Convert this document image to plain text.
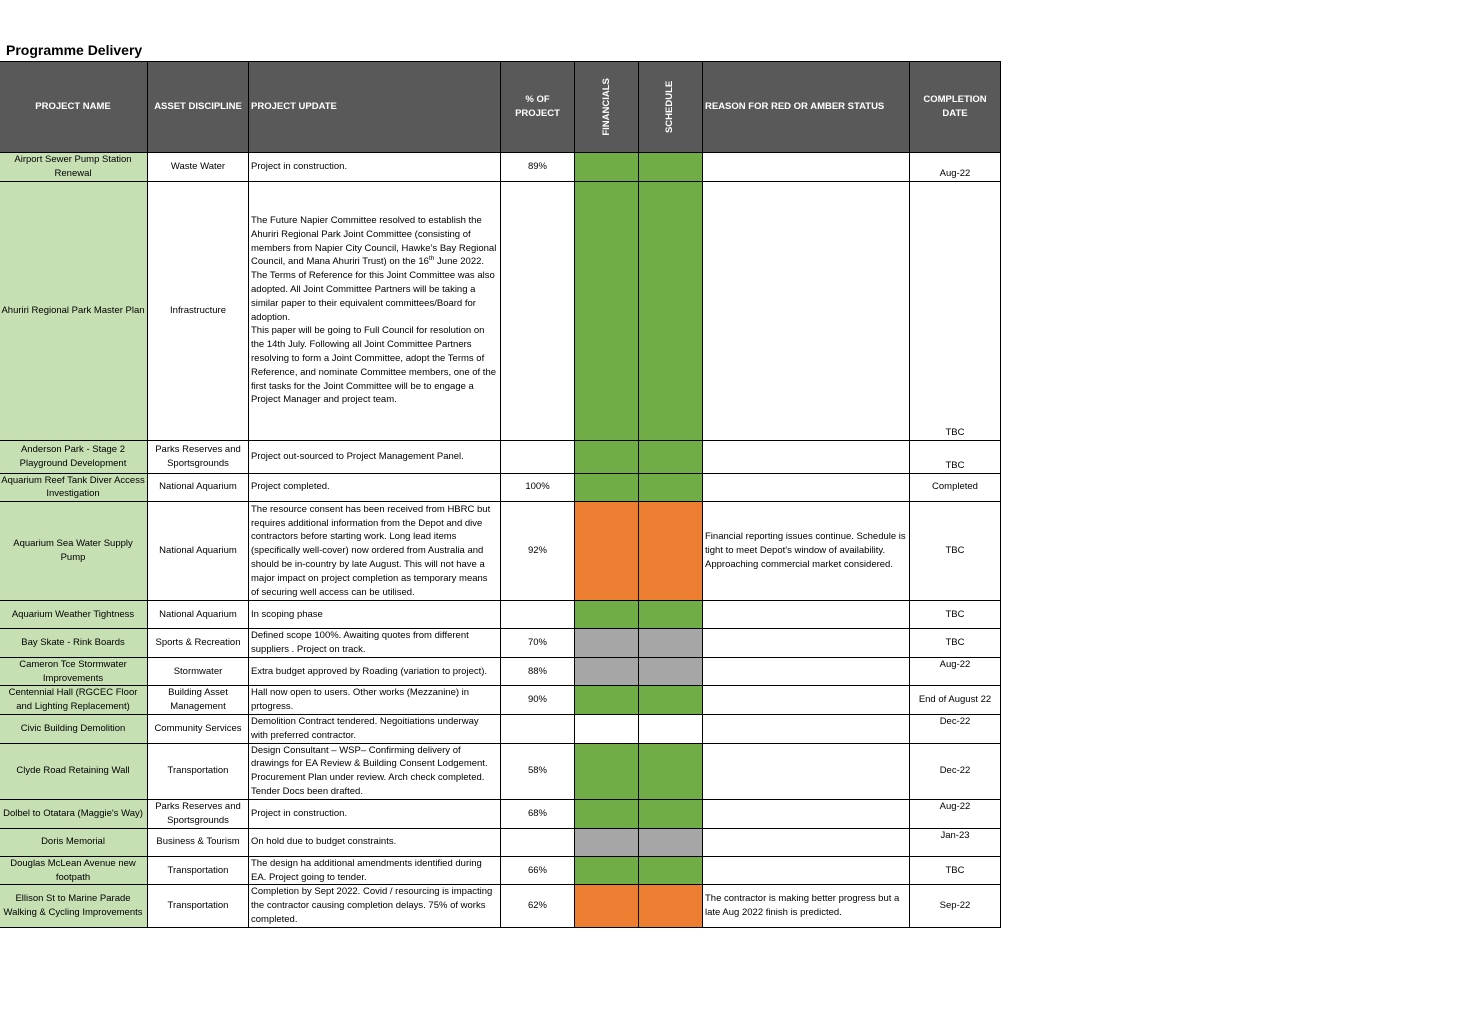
Programme Delivery
PROJECT NAME	ASSET DISCIPLINE	PROJECT UPDATE	% OF PROJECT	FINANCIALS	SCHEDULE	REASON FOR RED OR AMBER STATUS	COMPLETION DATE
Airport Sewer Pump Station Renewal	Waste Water	Project in construction.	89%				Aug-22
Ahuriri Regional Park Master Plan	Infrastructure	The Future Napier Committee resolved to establish the Ahuriri Regional Park Joint Committee (consisting of members from Napier City Council, Hawke’s Bay Regional Council, and Mana Ahuriri Trust) on the 16th June 2022.
The Terms of Reference for this Joint Committee was also adopted. All Joint Committee Partners will be taking a similar paper to their equivalent committees/Board for adoption.
This paper will be going to Full Council for resolution on the 14th July. Following all Joint Committee Partners resolving to form a Joint Committee, adopt the Terms of Reference, and nominate Committee members, one of the first tasks for the Joint Committee will be to engage a Project Manager and project team.					TBC
Anderson Park - Stage 2 Playground Development	Parks Reserves and Sportsgrounds	Project out-sourced to Project Management Panel.					TBC
Aquarium Reef Tank Diver Access Investigation	National Aquarium	Project completed.	100%				Completed
Aquarium Sea Water Supply Pump	National Aquarium	The resource consent has been received from HBRC but requires additional information from the Depot and dive contractors before starting work. Long lead items (specifically well-cover) now ordered from Australia and should be in-country by late August. This will not have a major impact on project completion as temporary means of securing well access can be utilised.	92%			Financial reporting issues continue. Schedule is tight to meet Depot's window of availability. Approaching commercial market considered.	TBC
Aquarium Weather Tightness	National Aquarium	In scoping phase					TBC
Bay Skate - Rink Boards	Sports & Recreation	Defined scope 100%. Awaiting quotes from different suppliers . Project on track.	70%				TBC
Cameron Tce Stormwater Improvements	Stormwater	Extra budget approved by Roading (variation to project).	88%				Aug-22
Centennial Hall (RGCEC Floor and Lighting Replacement)	Building Asset Management	Hall now open to users. Other works (Mezzanine) in prtogress.	90%				End of August 22
Civic Building Demolition	Community Services	Demolition Contract tendered. Negoitiations underway with preferred contractor.					Dec-22
Clyde Road Retaining Wall	Transportation	Design Consultant – WSP– Confirming delivery of drawings for EA Review & Building Consent Lodgement. Procurement Plan under review. Arch check completed. Tender Docs been drafted.	58%				Dec-22
Dolbel to Otatara (Maggie's Way)	Parks Reserves and Sportsgrounds	Project in construction.	68%				Aug-22
Doris Memorial	Business & Tourism	On hold due to budget constraints.					Jan-23
Douglas McLean Avenue new footpath	Transportation	The design ha additional amendments identified during EA. Project going to tender.	66%				TBC
Ellison St to Marine Parade Walking & Cycling Improvements	Transportation	Completion by Sept 2022. Covid / resourcing is impacting the contractor causing completion delays. 75% of works completed.	62%			The contractor is making better progress but a late Aug 2022 finish is predicted.	Sep-22
